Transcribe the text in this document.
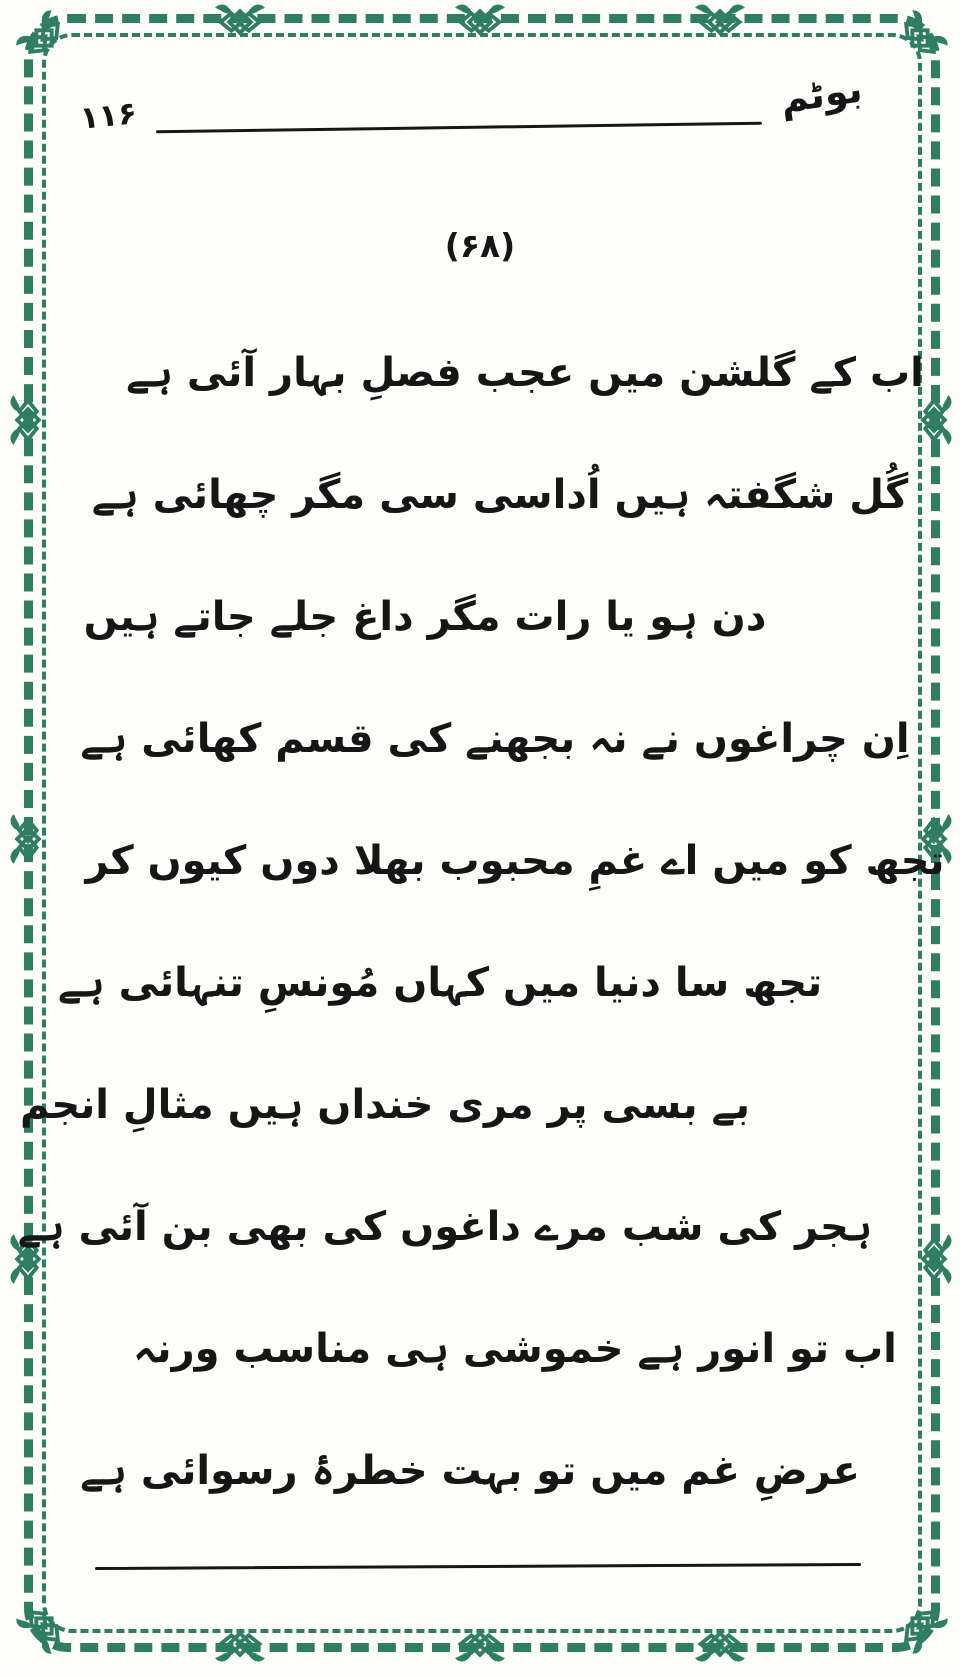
۱۱۶	بوٹم
(۶۸)
اب کے گلشن میں عجب فصلِ بہار آئی ہے
گُل شگفتہ ہیں اُداسی سی مگر چھائی ہے
دن ہو یا رات مگر داغ جلے جاتے ہیں
اِن چراغوں نے نہ بجھنے کی قسم کھائی ہے
تجھ کو میں اے غمِ محبوب بھلا دوں کیوں کر
تجھ سا دنیا میں کہاں مُونسِ تنہائی ہے
بے بسی پر مری خنداں ہیں مثالِ انجم
ہجر کی شب مرے داغوں کی بھی بن آئی ہے
اب تو انور ہے خموشی ہی مناسب ورنہ
عرضِ غم میں تو بہت خطرۂ رسوائی ہے
